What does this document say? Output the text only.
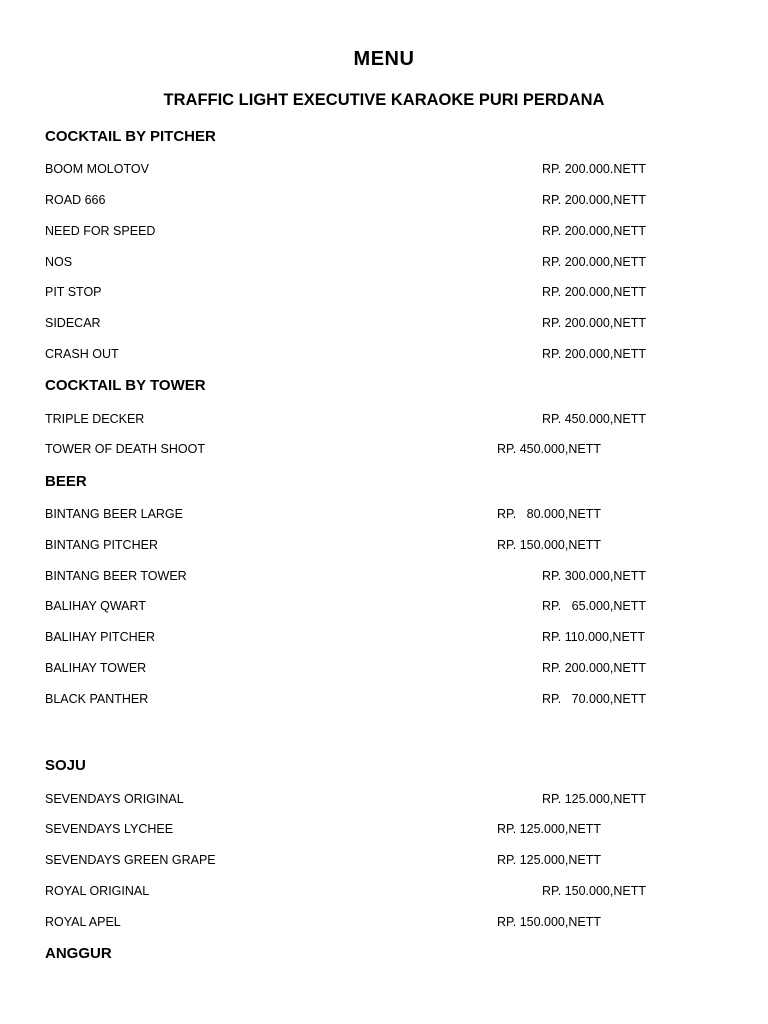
MENU
TRAFFIC LIGHT EXECUTIVE KARAOKE PURI PERDANA
COCKTAIL BY PITCHER
BOOM MOLOTOV	RP. 200.000.NETT
ROAD 666	RP. 200.000,NETT
NEED FOR SPEED	RP. 200.000,NETT
NOS	RP. 200.000,NETT
PIT STOP	RP. 200.000,NETT
SIDECAR	RP. 200.000,NETT
CRASH OUT	RP. 200.000,NETT
COCKTAIL BY TOWER
TRIPLE DECKER	RP. 450.000,NETT
TOWER OF DEATH SHOOT	RP. 450.000,NETT
BEER
BINTANG BEER LARGE	RP.   80.000,NETT
BINTANG PITCHER	RP. 150.000,NETT
BINTANG BEER TOWER	RP. 300.000,NETT
BALIHAY QWART	RP.   65.000,NETT
BALIHAY PITCHER	RP. 110.000,NETT
BALIHAY TOWER	RP. 200.000,NETT
BLACK PANTHER	RP.   70.000,NETT
SOJU
SEVENDAYS ORIGINAL	RP. 125.000,NETT
SEVENDAYS LYCHEE	RP. 125.000,NETT
SEVENDAYS GREEN GRAPE	RP. 125.000,NETT
ROYAL ORIGINAL	RP. 150.000,NETT
ROYAL APEL	RP. 150.000,NETT
ANGGUR
